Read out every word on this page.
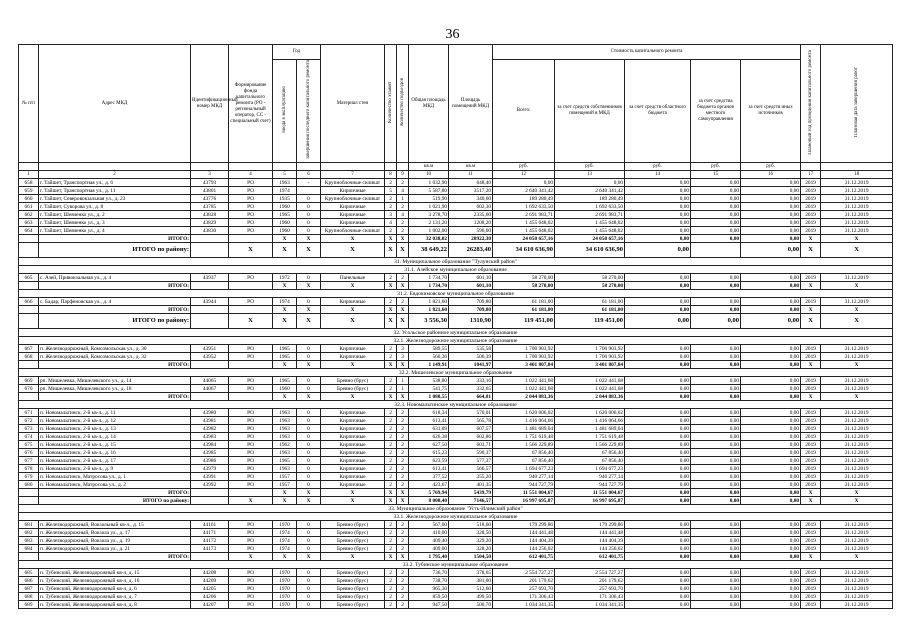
36
№ п/п	Адрес МКД	Идентификационный номер МКД	Формирование фонда капитального ремонта (РО - региональный оператор, СС - специальный счет)	Год		Материал стен	Количество этажей	Количество подъездов	Общая площадь МКД	Площадь помещений МКД	Стоимость капитального ремонта					Плановый год проведения капитального ремонта	Плановая дата завершения работ
				ввода в эксплуатацию	завершения последнего капитального ремонта						Всего:	за счет средств собственников помещений в МКД	за счет средств областного бюджета	за счет средства бюджета органов местного самоуправления	за счет средств иных источников		
									кв.м	кв.м	руб.	руб.	руб.	руб.	руб.		
1	2	3	4	5	6	7	8	9	10	11	12	13	14	15	16	17	18
658	г. Тайшет, Транспортная ул., д. 6	43793	РО	1963	-	Крупноблочные силикат	2	2	1 032,90	648,40	0,00	0,00	0,00	0,00	0,00	2019	31.12.2019
659	г. Тайшет, Транспортная ул., д. 11	43801	РО	1974		Кирпичные	5	4	5 587,80	3517,20	2 640 341,42	2 640 341,42	0,00	0,00	0,00	2019	31.12.2019
660	г. Тайшет, Северовокзальная ул., д. 23	43776	РО	1935	0	Крупноблочные силикат	2	1	519,90	340,60	189 280,49	189 280,49	0,00	0,00	0,00	2019	31.12.2019
661	г. Тайшет, Суворова ул., д. 8	43785	РО	1960	0	Кирпичные	2	2	1 021,90	602,30	1 692 633,50	1 692 633,50	0,00	0,00	0,00	2019	31.12.2019
662	г. Тайшет, Шевченко ул., д. 2	43828	РО	1965	0	Кирпичные	3	4	3 278,70	2335,60	2 691 983,71	2 691 983,71	0,00	0,00	0,00	2019	31.12.2019
663	г. Тайшет, Шевченко ул., д. 3	43829	РО	1960	0	Кирпичные	4	2	2 131,20	1208,20	1 455 648,02	1 455 648,02	0,00	0,00	0,00	2019	31.12.2019
664	г. Тайшет, Шевченко ул., д. 4	43830	РО	1960	0	Крупноблочные силикат	2	2	1 002,00	596,00	1 455 648,02	1 455 648,02	0,00	0,00	0,00	2019	31.12.2019
	ИТОГО:			X	X	X	X	X	32 038,02	20922,30	24 050 657,16	24 050 657,16	0,00	0,00	0,00	X	X
	ИТОГО по району:		X	X	X	X	X	X	38 649,22	26283,40	34 610 636,90	34 610 636,90	0,00		0,00	X	X
31. Муниципальное образование "Тулунский район"																	
31.1. Азейское муниципальное образование																	
665	с. Азей, Привокзальная ул., д. 4	43937	РО	1972	0	Панельные	2	2	1 734,70	601,10	58 270,00	58 270,00	0,00	0,00	0,00	2019	31.12.2019
	ИТОГО:			X	X	X	X	X	1 734,70	601,10	58 270,00	58 270,00	0,00	0,00	0,00	X	X
31.2. Евдокимовское муниципальное образование																	
666	с. Бадар, Парфеновская ул., д. 4	43944	РО	1974	0	Кирпичные	2	2	1 821,60	709,80	61 181,00	61 181,00	0,00	0,00	0,00	2019	31.12.2019
	ИТОГО:			X	X	X	X	X	1 821,60	709,80	61 181,00	61 181,00	0,00	0,00	0,00	X	X
	ИТОГО по району:		X	X	X	X	X	X	3 556,30	1310,90	119 451,00	119 451,00	0,00	0,00	0,00	X	X
32. Усольское районное муниципальное образование																	
32.1. Железнодорожное муниципальное образование																	
667	п. Железнодорожный, Комсомольская ул., д. 30	43951	РО	1965	0	Кирпичные	2	3	589,55	535,58	1 700 903,92	1 700 903,92	0,00	0,00	0,00	2019	31.12.2019
668	п. Железнодорожный, Комсомольская ул., д. 32	43952	РО	1965	0	Кирпичные	2	3	560,36	506,39	1 700 903,92	1 700 903,92	0,00	0,00	0,00	2019	31.12.2019
	ИТОГО:			X	X	X	X	X	1 149,91	1041,97	3 401 807,84	3 401 807,84	0,00	0,00	0,00	X	X
32.2. Мишелевское муниципальное образование																	
669	рп. Мишелевка, Мишелевского ул., д. 14	44065	РО	1965	0	Бревно (брус)	2	1	538,80	333,16	1 022 441,68	1 022 441,68	0,00	0,00	0,00	2019	31.12.2019
670	рп. Мишелевка, Мишелевского ул., д. 18	44067	РО	1960	0	Бревно (брус)	2	1	541,75	332,65	1 022 441,68	1 022 441,68	0,00	0,00	0,00	2019	31.12.2019
	ИТОГО:			X	X	X	X	X	1 080,55	664,81	2 044 883,36	2 044 883,36	0,00	0,00	0,00	X	X
32.3. Новомальтинское муниципальное образование																	
671	п. Новомальтинск, 2-й кв-л., д. 11	43980	РО	1963	0	Кирпичные	2	2	618,34	570,01	1 620 006,02	1 620 006,02	0,00	0,00	0,00	2019	31.12.2019
672	п. Новомальтинск, 2-й кв-л., д. 12	43981	РО	1963	0	Кирпичные	2	2	613,41	565,78	1 416 064,66	1 416 064,66	0,00	0,00	0,00	2019	31.12.2019
673	п. Новомальтинск, 2-й кв-л., д. 13	43982	РО	1963	0	Кирпичные	2	2	631,09	607,57	1 481 689,04	1 481 689,04	0,00	0,00	0,00	2019	31.12.2019
674	п. Новомальтинск, 2-й кв-л., д. 14	43983	РО	1963	0	Кирпичные	2	2	626,38	602,86	1 751 619,48	1 751 619,48	0,00	0,00	0,00	2019	31.12.2019
675	п. Новомальтинск, 2-й кв-л., д. 15	43984	РО	1962	0	Кирпичные	2	2	627,50	603,71	1 566 229,89	1 566 229,89	0,00	0,00	0,00	2019	31.12.2019
676	п. Новомальтинск, 2-й кв-л., д. 16	43985	РО	1963	0	Кирпичные	2	2	615,23	590,37	67 856,40	67 856,40	0,00	0,00	0,00	2019	31.12.2019
677	п. Новомальтинск, 2-й кв-л., д. 17	43986	РО	1965	0	Кирпичные	2	2	623,59	577,37	67 856,40	67 856,40	0,00	0,00	0,00	2019	31.12.2019
678	п. Новомальтинск, 2-й кв-л., д. 9	43979	РО	1963	0	Кирпичные	2	2	613,41	566,57	1 694 677,23	1 694 677,23	0,00	0,00	0,00	2019	31.12.2019
679	п. Новомальтинск, Матросова ул., д. 1	43991	РО	1957	0	Кирпичные	2	2	377,52	355,20	940 277,14	940 277,14	0,00	0,00	0,00	2019	31.12.2019
680	п. Новомальтинск, Матросова ул., д. 2	43992	РО	1957	0	Кирпичные	2	2	423,67	401,35	944 727,79	944 727,79	0,00	0,00	0,00	2019	31.12.2019
	ИТОГО:			X	X	X	X	X	5 769,94	5439,79	11 551 004,67	11 551 004,67	0,00	0,00	0,00	X	X
	ИТОГО по району:		X	X	X	X	X	X	8 000,40	7146,57	16 997 695,87	16 997 695,87	0,00	0,00	0,00	X	X
33. Муниципальное образование "Усть-Илимский район"																	
33.1. Железнодорожное муниципальное образование																	
681	п. Железнодорожный, Вокзальный кв-л., д. 15	44161	РО	1970	0	Бревно (брус)	2	2	567,00	518,60	179 299,86	179 299,86	0,00	0,00	0,00	2019	31.12.2019
682	п. Железнодорожный, Вокзала ул., д. 17	44171	РО	1974	0	Бревно (брус)	2	2	410,00	328,50	144 441,48	144 441,48	0,00	0,00	0,00	2019	31.12.2019
683	п. Железнодорожный, Вокзала ул., д. 19	44172	РО	1974	0	Бревно (брус)	2	2	409,40	329,20	144 404,39	144 404,39	0,00	0,00	0,00	2019	31.12.2019
684	п. Железнодорожный, Вокзала ул., д. 21	44173	РО	1974	0	Бревно (брус)	2	2	409,00	328,20	144 256,02	144 256,02	0,00	0,00	0,00	2019	31.12.2019
	ИТОГО:		X	X	X	X	X	X	1 795,40	1504,50	612 401,75	612 401,75	0,00	0,00	0,00	X	X
33.2. Тубинское муниципальное образование																	
685	п. Тубинский, Железнодорожный кв-л, д. 15	44208	РО	1970	0	Бревно (брус)	2	2	736,70	378,65	2 554 727,27	2 554 727,27	0,00	0,00	0,00	2019	31.12.2019
686	п. Тубинский, Железнодорожный кв-л, д. 16	44209	РО	1970	0	Бревно (брус)	2	2	738,70	381,00	201 179,62	201 179,62	0,00	0,00	0,00	2019	31.12.2019
687	п. Тубинский, Железнодорожный кв-л, д. 6	44205	РО	1970	0	Бревно (брус)	2	2	965,30	512,60	257 693,70	257 693,70	0,00	0,00	0,00	2019	31.12.2019
688	п. Тубинский, Железнодорожный кв-л, д. 7	44206	РО	1970	0	Бревно (брус)	2	2	859,50	499,50	171 306,43	171 306,43	0,00	0,00	0,00	2019	31.12.2019
689	п. Тубинский, Железнодорожный кв-л, д. 8	44207	РО	1970	0	Бревно (брус)	2	2	947,50	500,70	1 034 341,35	1 034 341,35	0,00	0,00	0,00	2019	31.12.2019
